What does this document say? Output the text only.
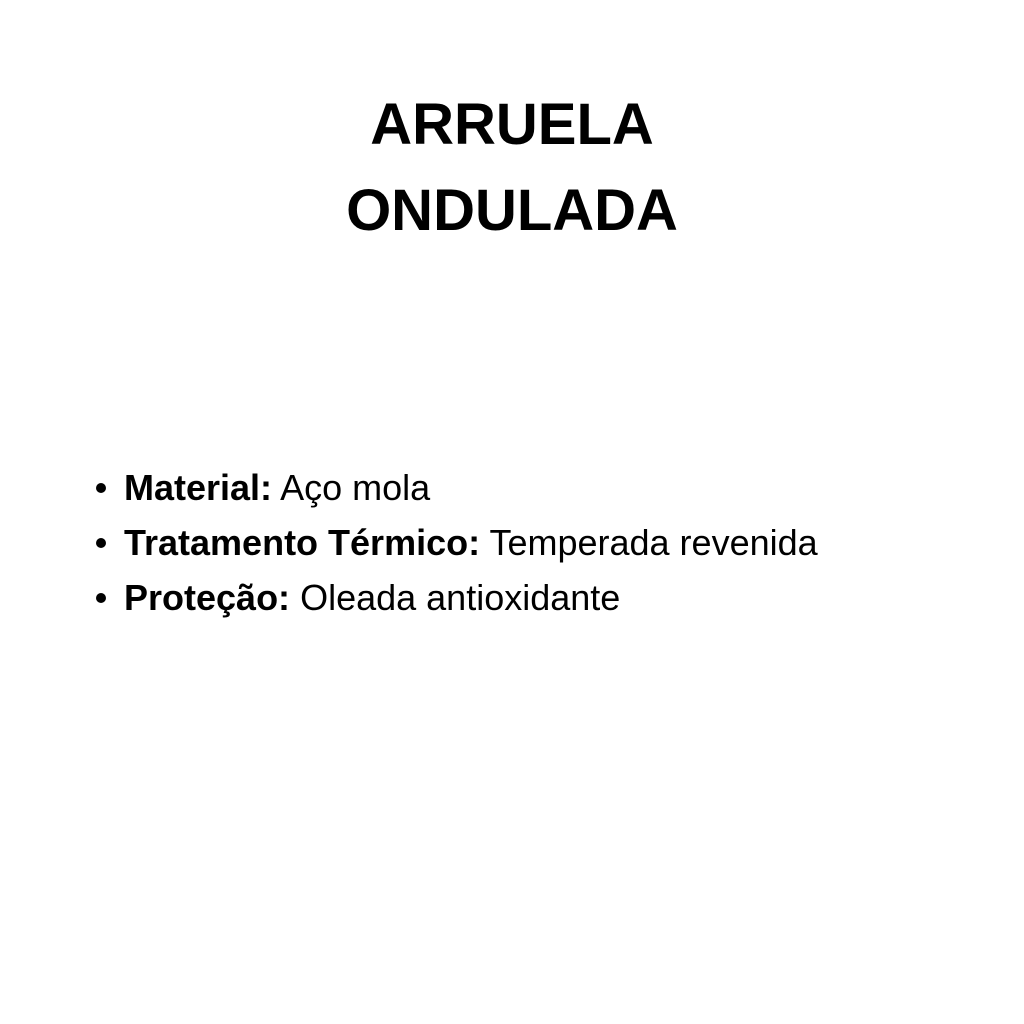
ARRUELA
ONDULADA
Material: Aço mola
Tratamento Térmico: Temperada revenida
Proteção: Oleada antioxidante
